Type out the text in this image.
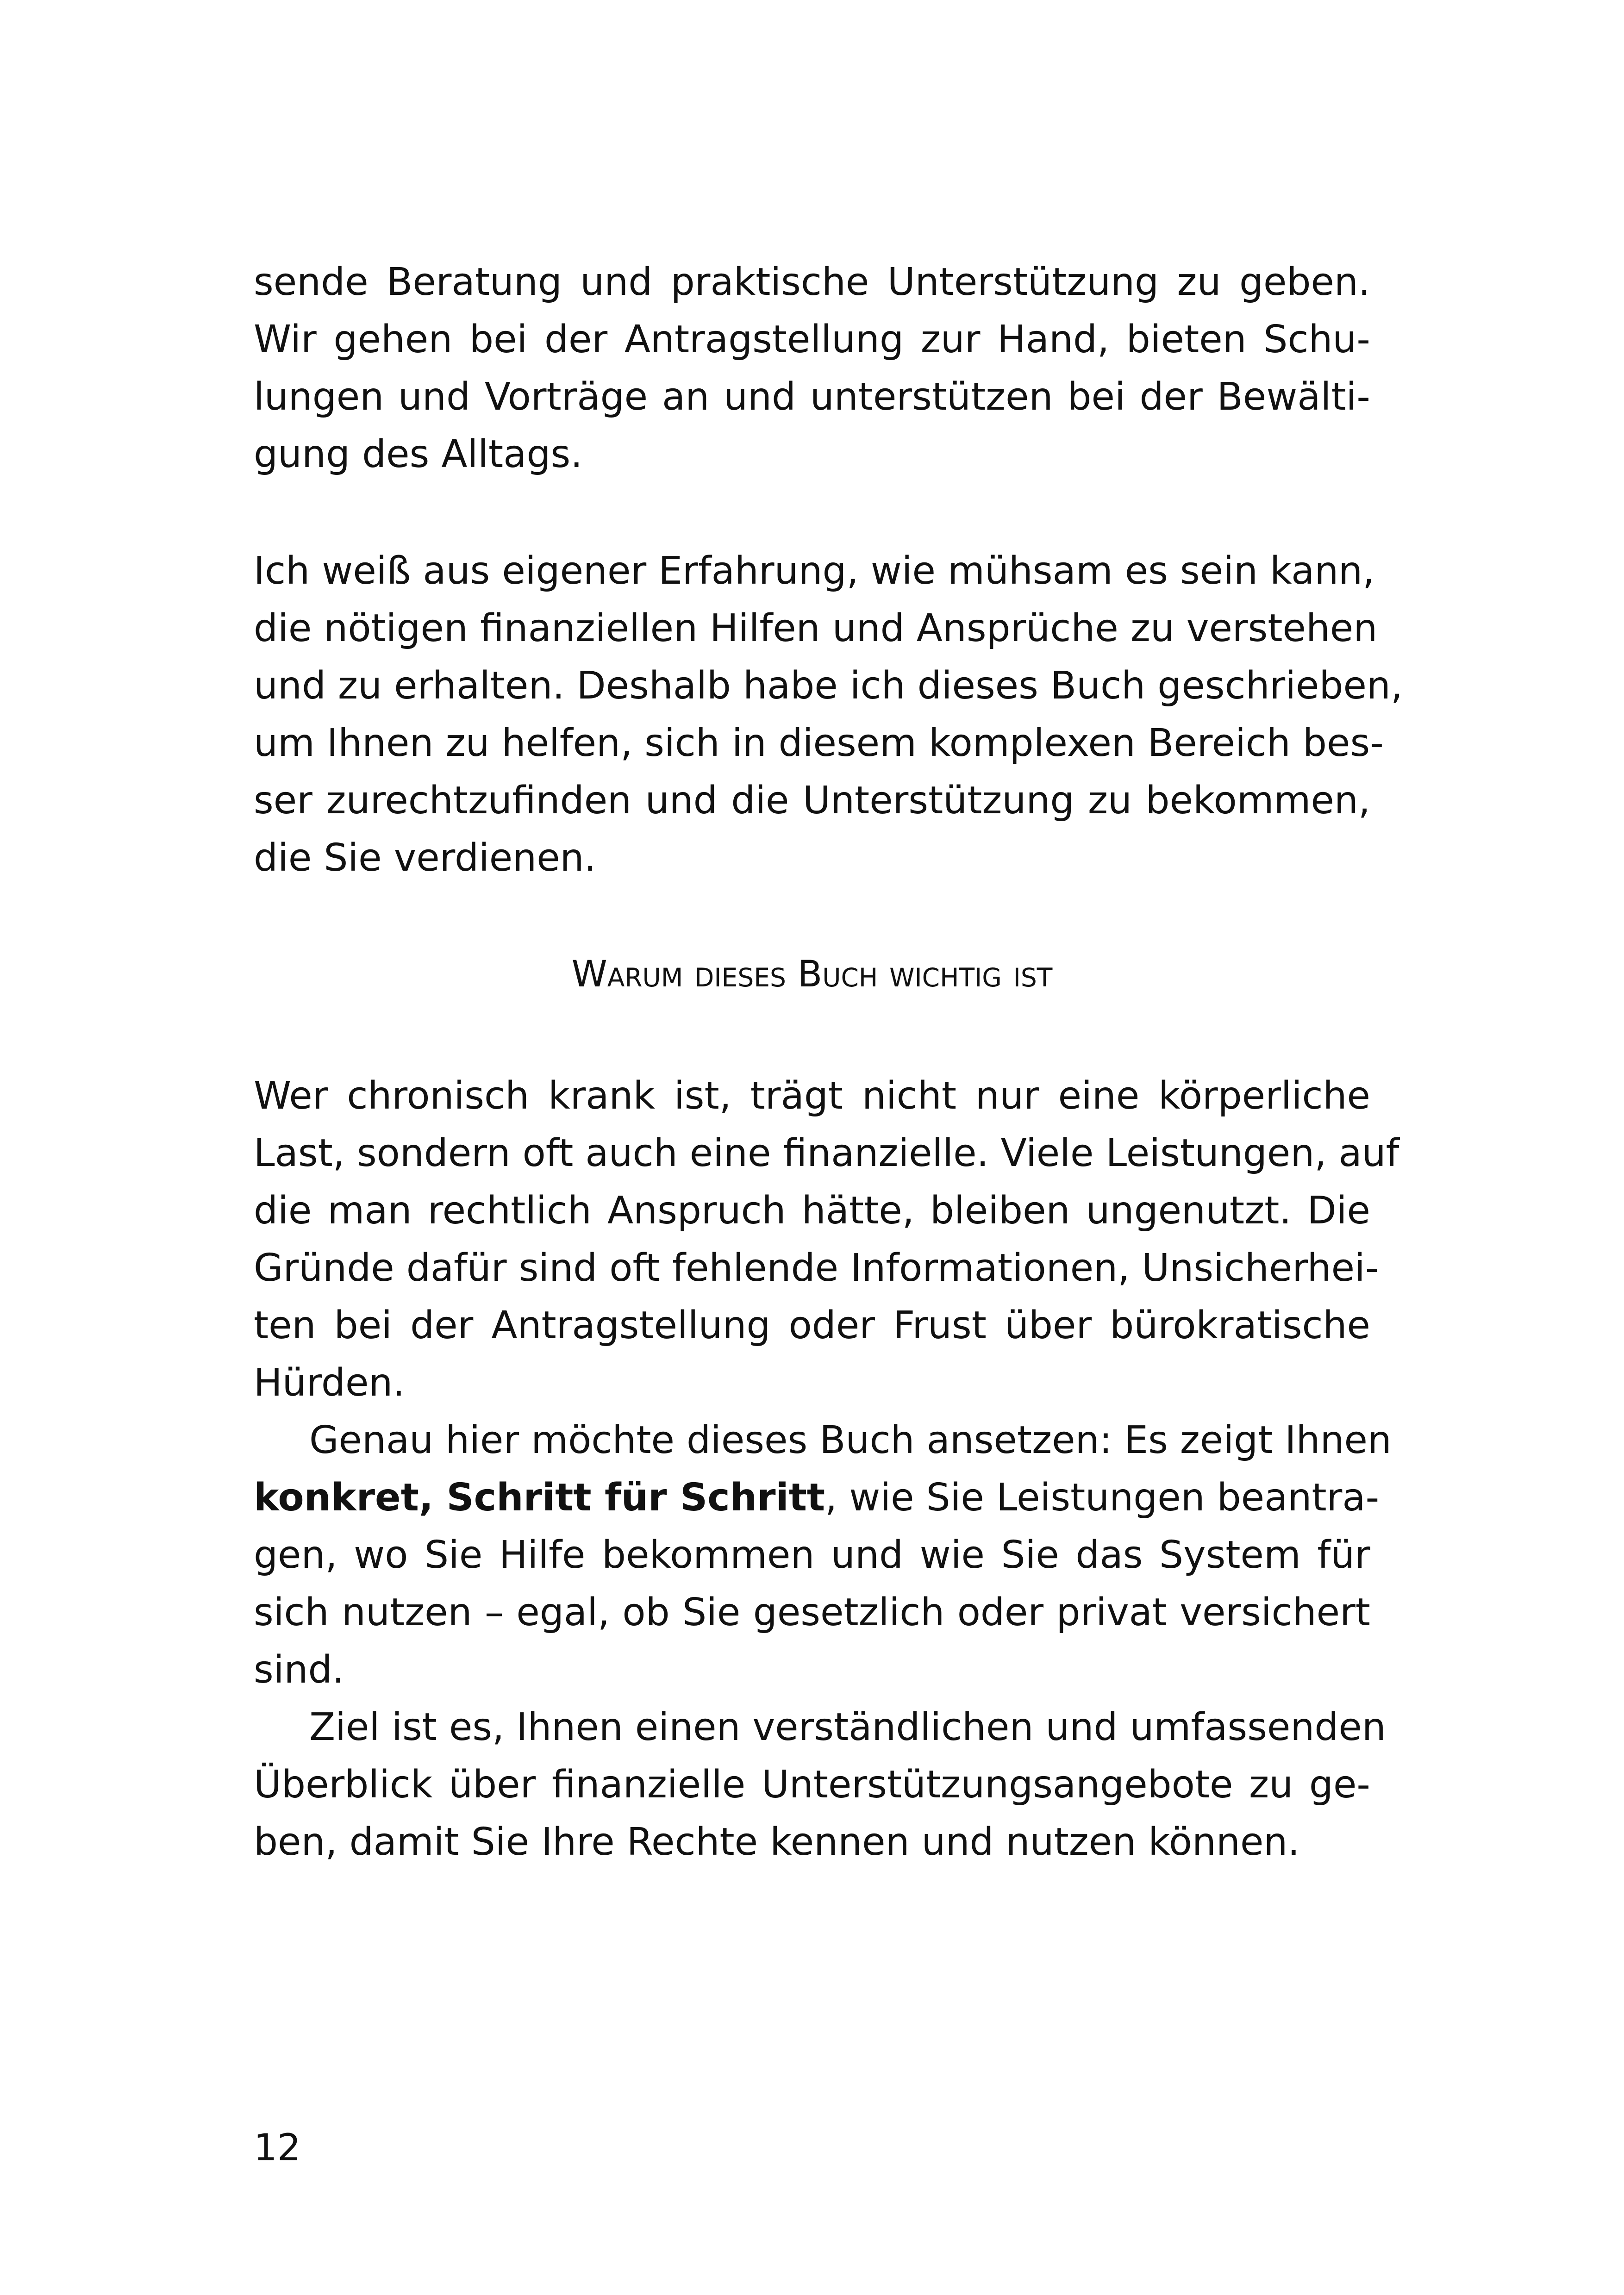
sende Beratung und praktische Unterstützung zu geben.
Wir gehen bei der Antragstellung zur Hand, bieten Schu-
lungen und Vorträge an und unterstützen bei der Bewälti-
gung des Alltags.
Ich weiß aus eigener Erfahrung, wie mühsam es sein kann,
die nötigen finanziellen Hilfen und Ansprüche zu verstehen
und zu erhalten. Deshalb habe ich dieses Buch geschrieben,
um Ihnen zu helfen, sich in diesem komplexen Bereich bes-
ser zurechtzufinden und die Unterstützung zu bekommen,
die Sie verdienen.
Warum dieses Buch wichtig ist
Wer chronisch krank ist, trägt nicht nur eine körperliche
Last, sondern oft auch eine finanzielle. Viele Leistungen, auf
die man rechtlich Anspruch hätte, bleiben ungenutzt. Die
Gründe dafür sind oft fehlende Informationen, Unsicherhei-
ten bei der Antragstellung oder Frust über bürokratische
Hürden.
Genau hier möchte dieses Buch ansetzen: Es zeigt Ihnen
konkret, Schritt für Schritt, wie Sie Leistungen beantra-
gen, wo Sie Hilfe bekommen und wie Sie das System für
sich nutzen – egal, ob Sie gesetzlich oder privat versichert
sind.
Ziel ist es, Ihnen einen verständlichen und umfassenden
Überblick über finanzielle Unterstützungsangebote zu ge-
ben, damit Sie Ihre Rechte kennen und nutzen können.
12
